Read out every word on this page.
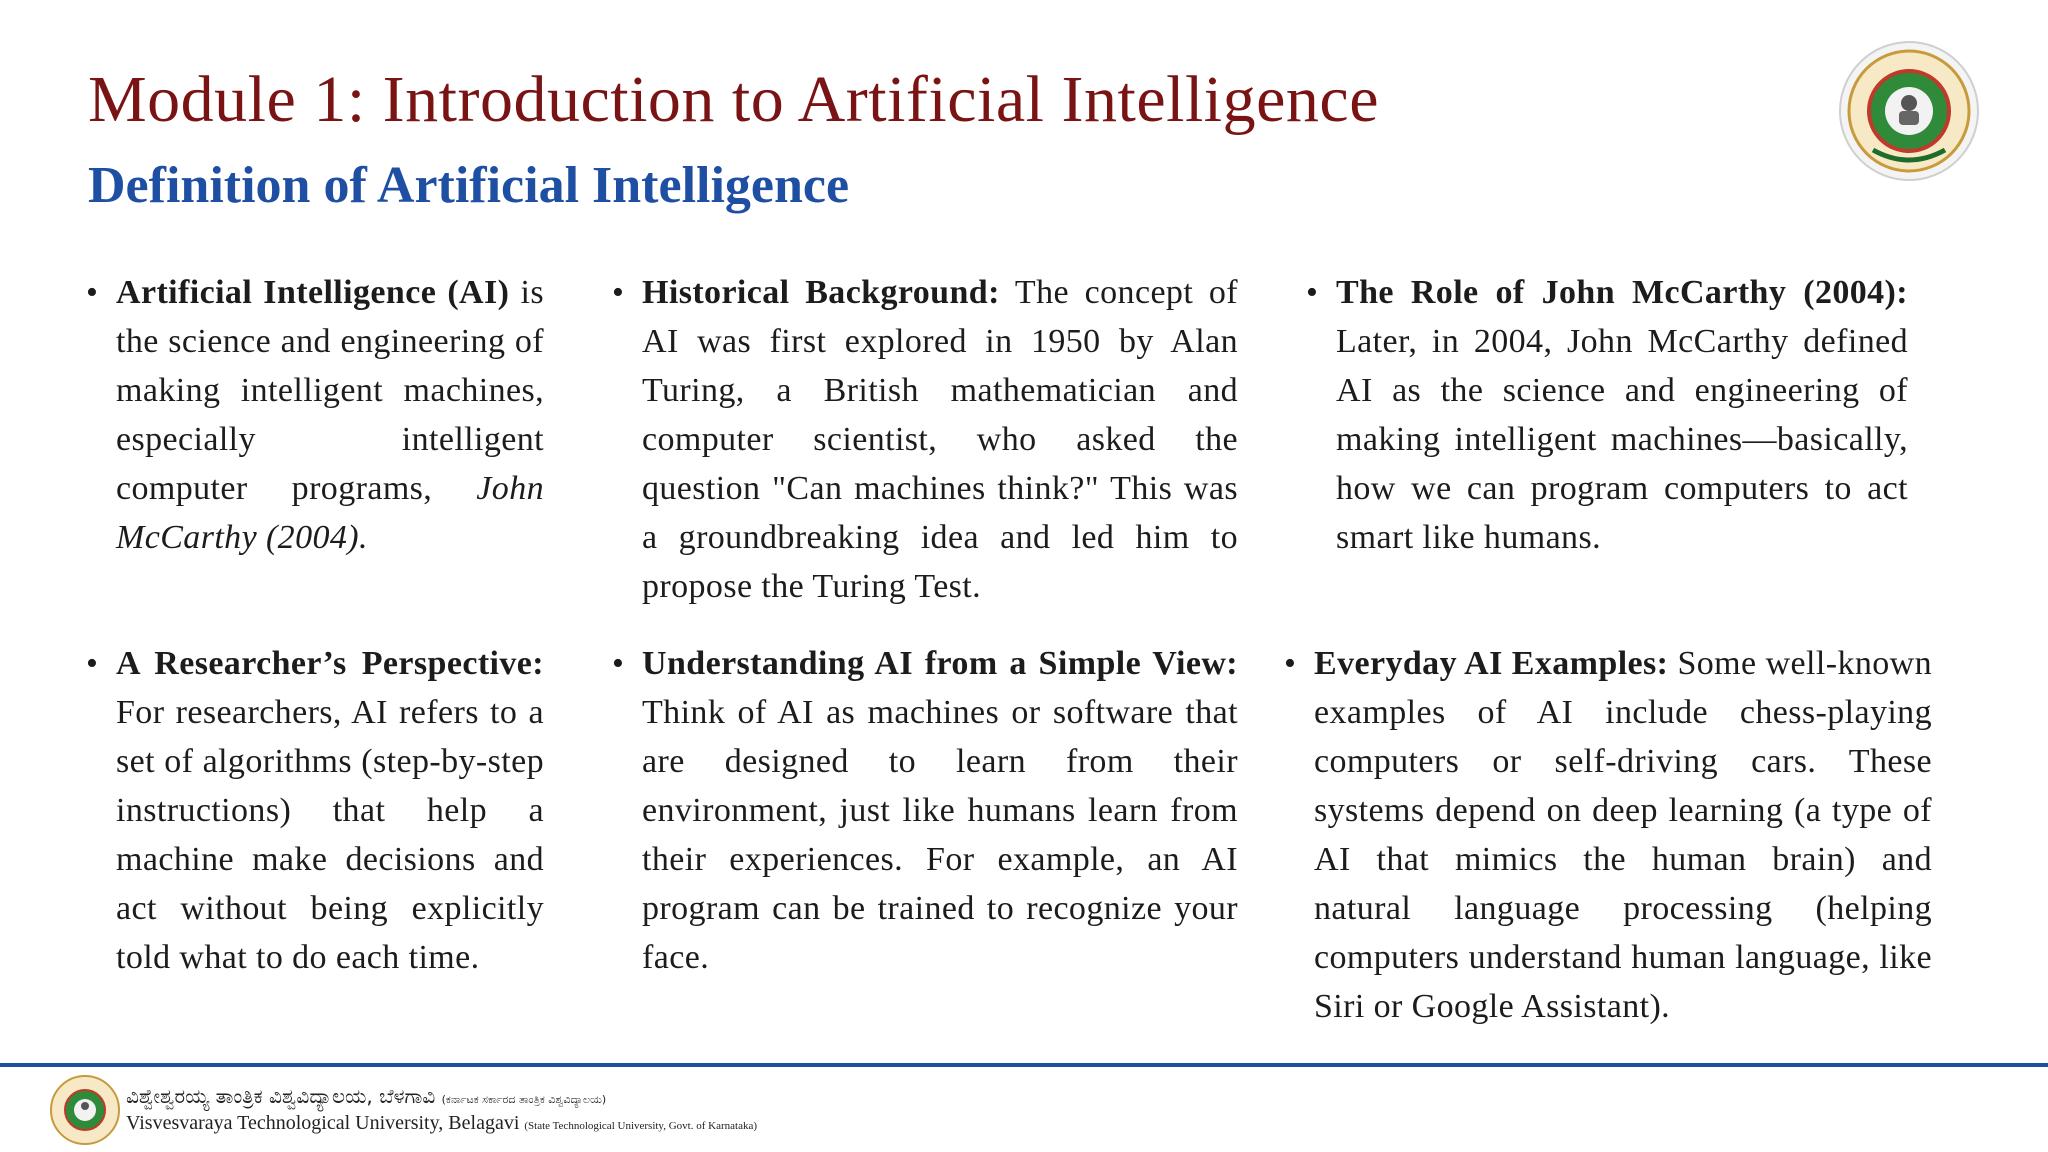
Module 1: Introduction to Artificial Intelligence
Definition of Artificial Intelligence
• Artificial Intelligence (AI) is the science and engineering of making intelligent machines, especially intelligent computer programs, John McCarthy (2004).

• Historical Background: The concept of AI was first explored in 1950 by Alan Turing, a British mathematician and computer scientist, who asked the question "Can machines think?" This was a groundbreaking idea and led him to propose the Turing Test.

• The Role of John McCarthy (2004): Later, in 2004, John McCarthy defined AI as the science and engineering of making intelligent machines—basically, how we can program computers to act smart like humans.

• A Researcher’s Perspective: For researchers, AI refers to a set of algorithms (step-by-step instructions) that help a machine make decisions and act without being explicitly told what to do each time.

• Understanding AI from a Simple View: Think of AI as machines or software that are designed to learn from their environment, just like humans learn from their experiences. For example, an AI program can be trained to recognize your face.

• Everyday AI Examples: Some well-known examples of AI include chess-playing computers or self-driving cars. These systems depend on deep learning (a type of AI that mimics the human brain) and natural language processing (helping computers understand human language, like Siri or Google Assistant).

ವಿಶ್ವೇಶ್ವರಯ್ಯ ತಾಂತ್ರಿಕ ವಿಶ್ವವಿದ್ಯಾಲಯ, ಬೆಳಗಾವಿ (ಕರ್ನಾಟಕ ಸರ್ಕಾರದ ತಾಂತ್ರಿಕ ವಿಶ್ವವಿದ್ಯಾಲಯ)
Visvesvaraya Technological University, Belagavi (State Technological University, Govt. of Karnataka)
